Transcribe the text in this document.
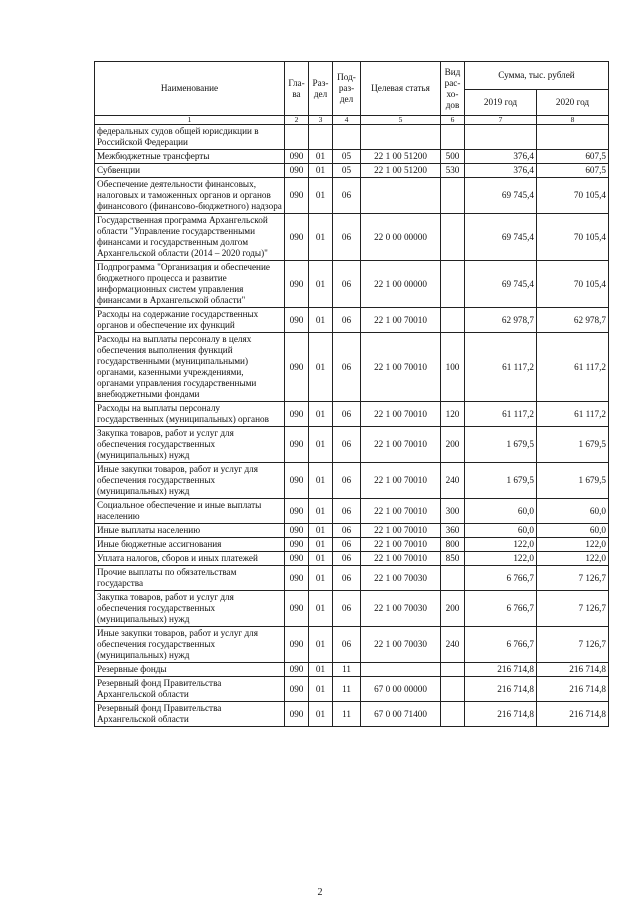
Наименование	Гла-ва	Раз-дел	Под-раз-дел	Целевая статья	Вид рас-хо-дов	Сумма, тыс. рублей	
						2019 год	2020 год
1	2	3	4	5	6	7	8
федеральных судов общей юрисдикции в Российской Федерации							
Межбюджетные трансферты	090	01	05	22 1 00 51200	500	376,4	607,5
Субвенции	090	01	05	22 1 00 51200	530	376,4	607,5
Обеспечение деятельности финансовых, налоговых и таможенных органов и органов финансового (финансово-бюджетного) надзора	090	01	06			69 745,4	70 105,4
Государственная программа Архангельской области "Управление государственными финансами и государственным долгом Архангельской области (2014 – 2020 годы)"	090	01	06	22 0 00 00000		69 745,4	70 105,4
Подпрограмма "Организация и обеспечение бюджетного процесса и развитие информационных систем управления финансами в Архангельской области"	090	01	06	22 1 00 00000		69 745,4	70 105,4
Расходы на содержание государственных органов и обеспечение их функций	090	01	06	22 1 00 70010		62 978,7	62 978,7
Расходы на выплаты персоналу в целях обеспечения выполнения функций государственными (муниципальными) органами, казенными учреждениями, органами управления государственными внебюджетными фондами	090	01	06	22 1 00 70010	100	61 117,2	61 117,2
Расходы на выплаты персоналу государственных (муниципальных) органов	090	01	06	22 1 00 70010	120	61 117,2	61 117,2
Закупка товаров, работ и услуг для обеспечения государственных (муниципальных) нужд	090	01	06	22 1 00 70010	200	1 679,5	1 679,5
Иные закупки товаров, работ и услуг для обеспечения государственных (муниципальных) нужд	090	01	06	22 1 00 70010	240	1 679,5	1 679,5
Социальное обеспечение и иные выплаты населению	090	01	06	22 1 00 70010	300	60,0	60,0
Иные выплаты населению	090	01	06	22 1 00 70010	360	60,0	60,0
Иные бюджетные ассигнования	090	01	06	22 1 00 70010	800	122,0	122,0
Уплата налогов, сборов и иных платежей	090	01	06	22 1 00 70010	850	122,0	122,0
Прочие выплаты по обязательствам государства	090	01	06	22 1 00 70030		6 766,7	7 126,7
Закупка товаров, работ и услуг для обеспечения государственных (муниципальных) нужд	090	01	06	22 1 00 70030	200	6 766,7	7 126,7
Иные закупки товаров, работ и услуг для обеспечения государственных (муниципальных) нужд	090	01	06	22 1 00 70030	240	6 766,7	7 126,7
Резервные фонды	090	01	11			216 714,8	216 714,8
Резервный фонд Правительства Архангельской области	090	01	11	67 0 00 00000		216 714,8	216 714,8
Резервный фонд Правительства Архангельской области	090	01	11	67 0 00 71400		216 714,8	216 714,8
2
